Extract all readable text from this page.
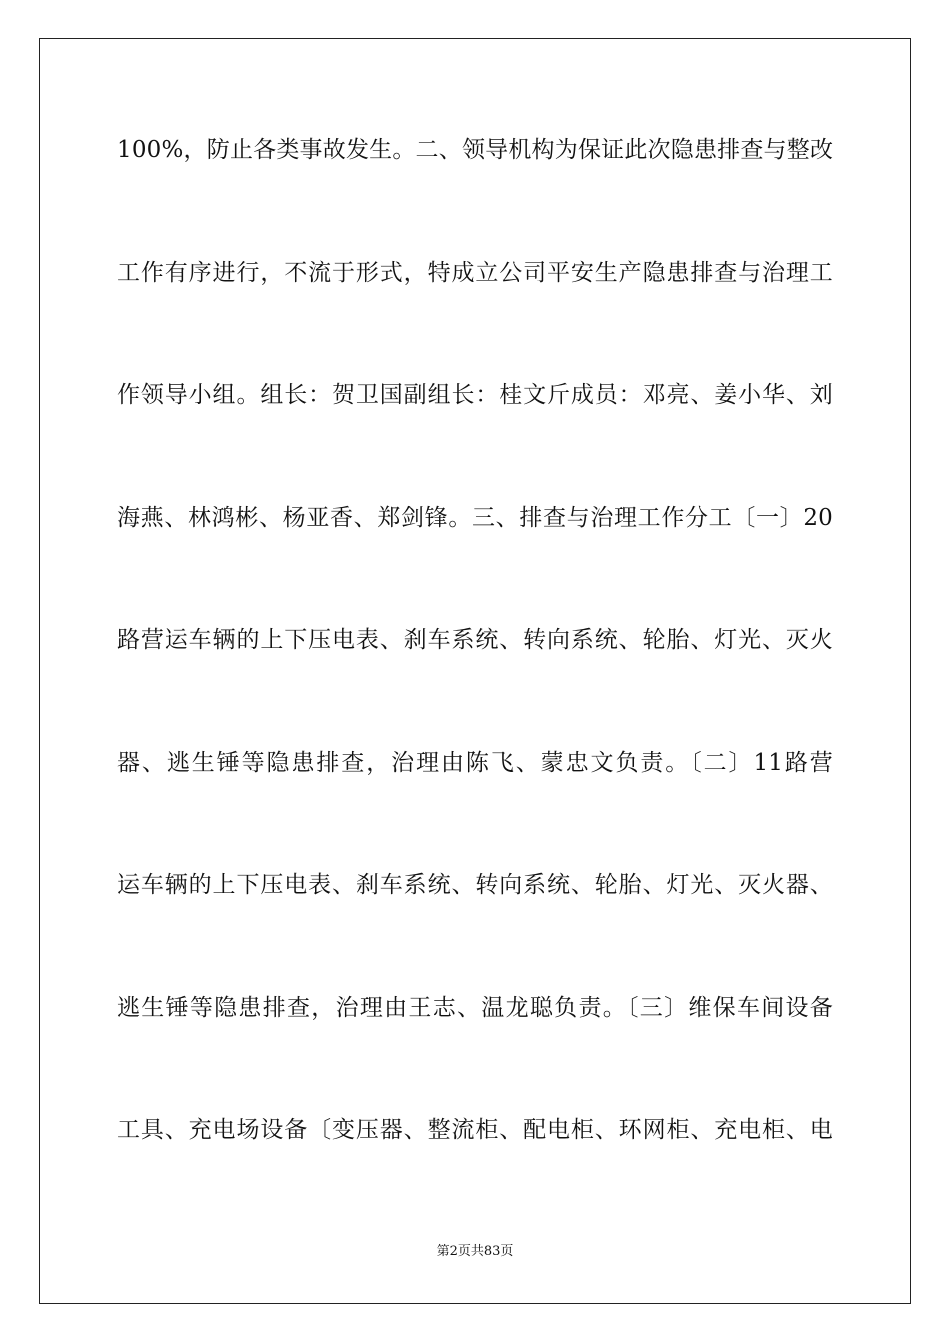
100%，防止各类事故发生。二、领导机构为保证此次隐患排查与整改
工作有序进行，不流于形式，特成立公司平安生产隐患排查与治理工
作领导小组。组长：贺卫国副组长：桂文斤成员：邓亮、姜小华、刘
海燕、林鸿彬、杨亚香、郑剑锋。三、排查与治理工作分工〔一〕20
路营运车辆的上下压电表、刹车系统、转向系统、轮胎、灯光、灭火
器、逃生锤等隐患排查，治理由陈飞、蒙忠文负责。〔二〕11路营
运车辆的上下压电表、刹车系统、转向系统、轮胎、灯光、灭火器、
逃生锤等隐患排查，治理由王志、温龙聪负责。〔三〕维保车间设备
工具、充电场设备〔变压器、整流柜、配电柜、环网柜、充电柜、电
第2页共83页
